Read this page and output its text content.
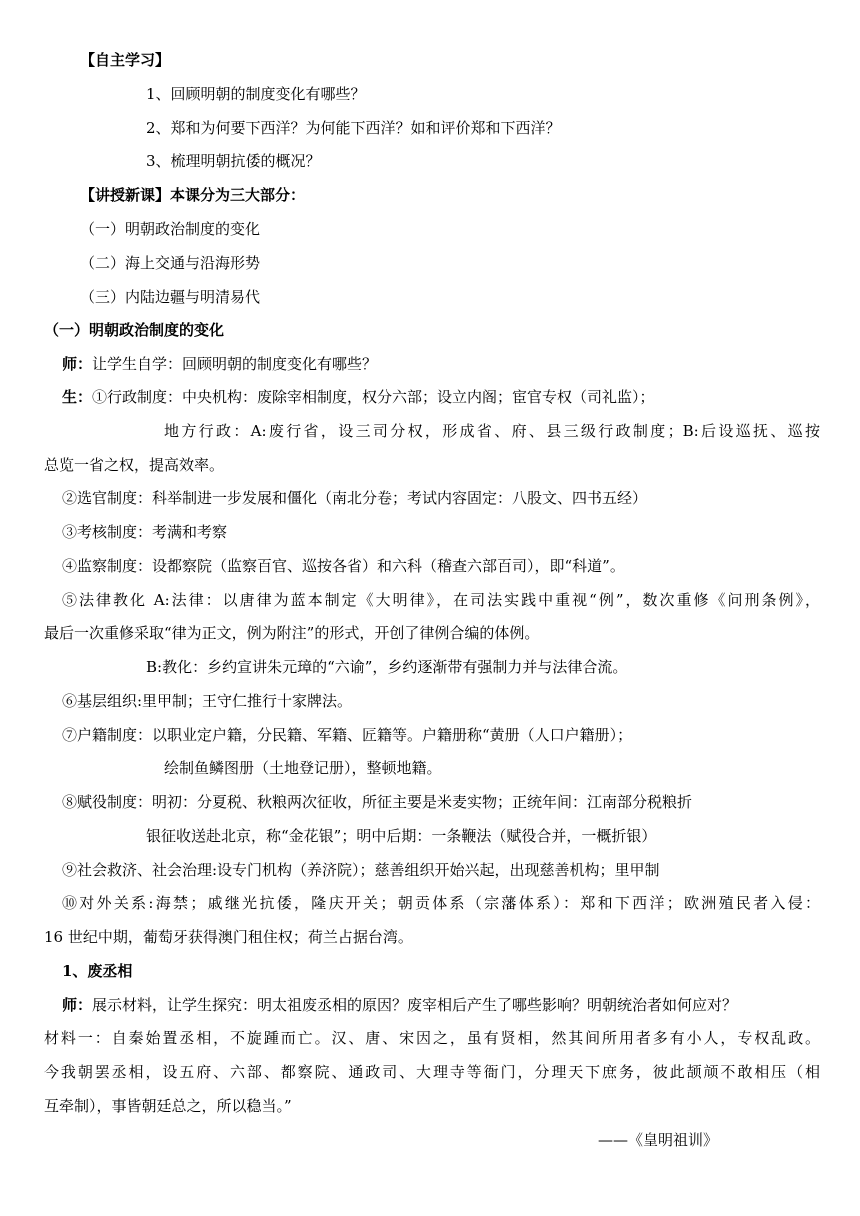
【自主学习】
1、回顾明朝的制度变化有哪些？
2、郑和为何要下西洋？为何能下西洋？如和评价郑和下西洋？
3、梳理明朝抗倭的概况？
【讲授新课】本课分为三大部分：
（一）明朝政治制度的变化
（二）海上交通与沿海形势
（三）内陆边疆与明清易代
（一）明朝政治制度的变化
师：让学生自学：回顾明朝的制度变化有哪些？
生：①行政制度：中央机构：废除宰相制度，权分六部；设立内阁；宦官专权（司礼监）；
地方行政：A:废行省，设三司分权，形成省、府、县三级行政制度；B:后设巡抚、巡按
总览一省之权，提高效率。
②选官制度：科举制进一步发展和僵化（南北分卷；考试内容固定：八股文、四书五经）
③考核制度：考满和考察
④监察制度：设都察院（监察百官、巡按各省）和六科（稽查六部百司），即“科道”。
⑤法律教化 A:法律：以唐律为蓝本制定《大明律》，在司法实践中重视“例”，数次重修《问刑条例》，
最后一次重修采取“律为正文，例为附注”的形式，开创了律例合编的体例。
B:教化：乡约宣讲朱元璋的“六谕”，乡约逐渐带有强制力并与法律合流。
⑥基层组织:里甲制；王守仁推行十家牌法。
⑦户籍制度：以职业定户籍，分民籍、军籍、匠籍等。户籍册称“黄册（人口户籍册）；
绘制鱼鳞图册（土地登记册），整顿地籍。
⑧赋役制度：明初：分夏税、秋粮两次征收，所征主要是米麦实物；正统年间：江南部分税粮折
银征收送赴北京，称“金花银”；明中后期：一条鞭法（赋役合并，一概折银）
⑨社会救济、社会治理:设专门机构（养济院）；慈善组织开始兴起，出现慈善机构；里甲制
⑩对外关系:海禁；戚继光抗倭，隆庆开关；朝贡体系（宗藩体系）：郑和下西洋；欧洲殖民者入侵：
16 世纪中期，葡萄牙获得澳门租住权；荷兰占据台湾。
1、废丞相
师：展示材料，让学生探究：明太祖废丞相的原因？废宰相后产生了哪些影响？明朝统治者如何应对？
材料一：自秦始置丞相，不旋踵而亡。汉、唐、宋因之，虽有贤相，然其间所用者多有小人，专权乱政。
今我朝罢丞相，设五府、六部、都察院、通政司、大理寺等衙门，分理天下庶务，彼此颉颃不敢相压（相
互牵制），事皆朝廷总之，所以稳当。”
——《皇明祖训》
